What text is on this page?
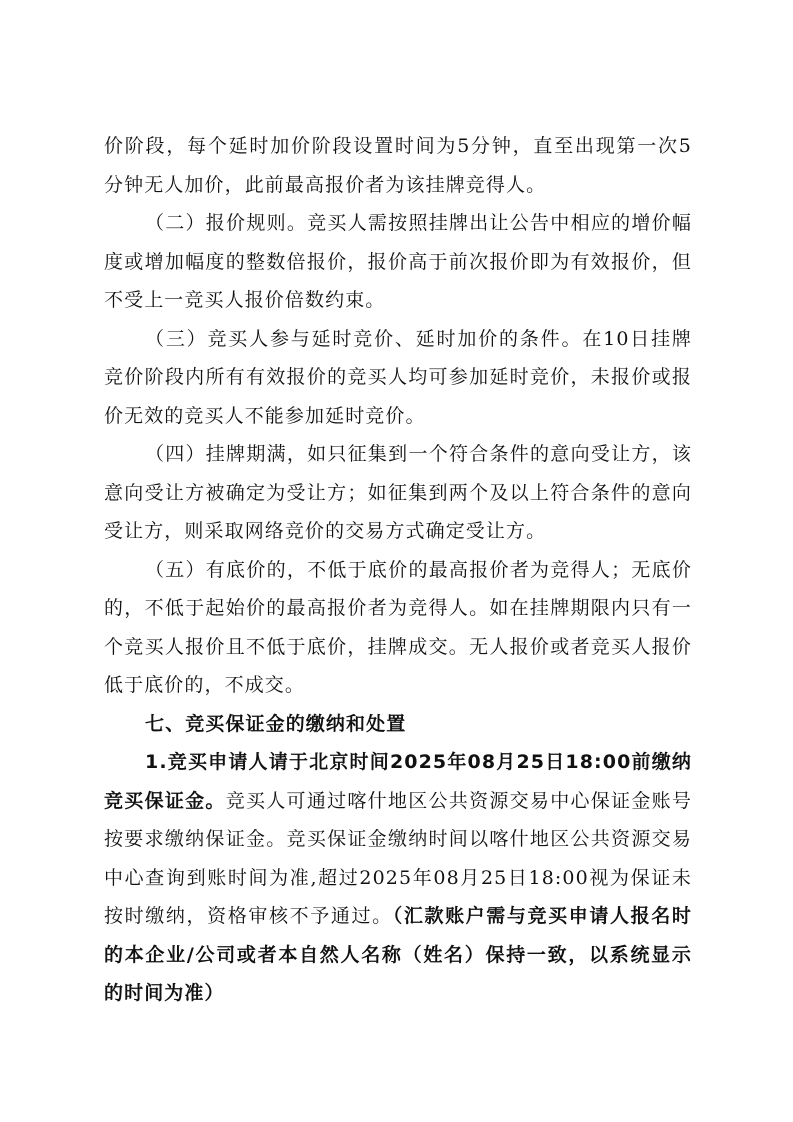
价阶段，每个延时加价阶段设置时间为5分钟，直至出现第一次5分钟无人加价，此前最高报价者为该挂牌竞得人。

（二）报价规则。竞买人需按照挂牌出让公告中相应的增价幅度或增加幅度的整数倍报价，报价高于前次报价即为有效报价，但不受上一竞买人报价倍数约束。

（三）竞买人参与延时竞价、延时加价的条件。在10日挂牌竞价阶段内所有有效报价的竞买人均可参加延时竞价，未报价或报价无效的竞买人不能参加延时竞价。

（四）挂牌期满，如只征集到一个符合条件的意向受让方，该意向受让方被确定为受让方；如征集到两个及以上符合条件的意向受让方，则采取网络竞价的交易方式确定受让方。

（五）有底价的，不低于底价的最高报价者为竞得人；无底价的，不低于起始价的最高报价者为竞得人。如在挂牌期限内只有一个竞买人报价且不低于底价，挂牌成交。无人报价或者竞买人报价低于底价的，不成交。

七、竞买保证金的缴纳和处置

1.竞买申请人请于北京时间2025年08月25日18:00前缴纳竞买保证金。竞买人可通过喀什地区公共资源交易中心保证金账号按要求缴纳保证金。竞买保证金缴纳时间以喀什地区公共资源交易中心查询到账时间为准,超过2025年08月25日18:00视为保证未按时缴纳，资格审核不予通过。（汇款账户需与竞买申请人报名时的本企业/公司或者本自然人名称（姓名）保持一致，以系统显示的时间为准）
